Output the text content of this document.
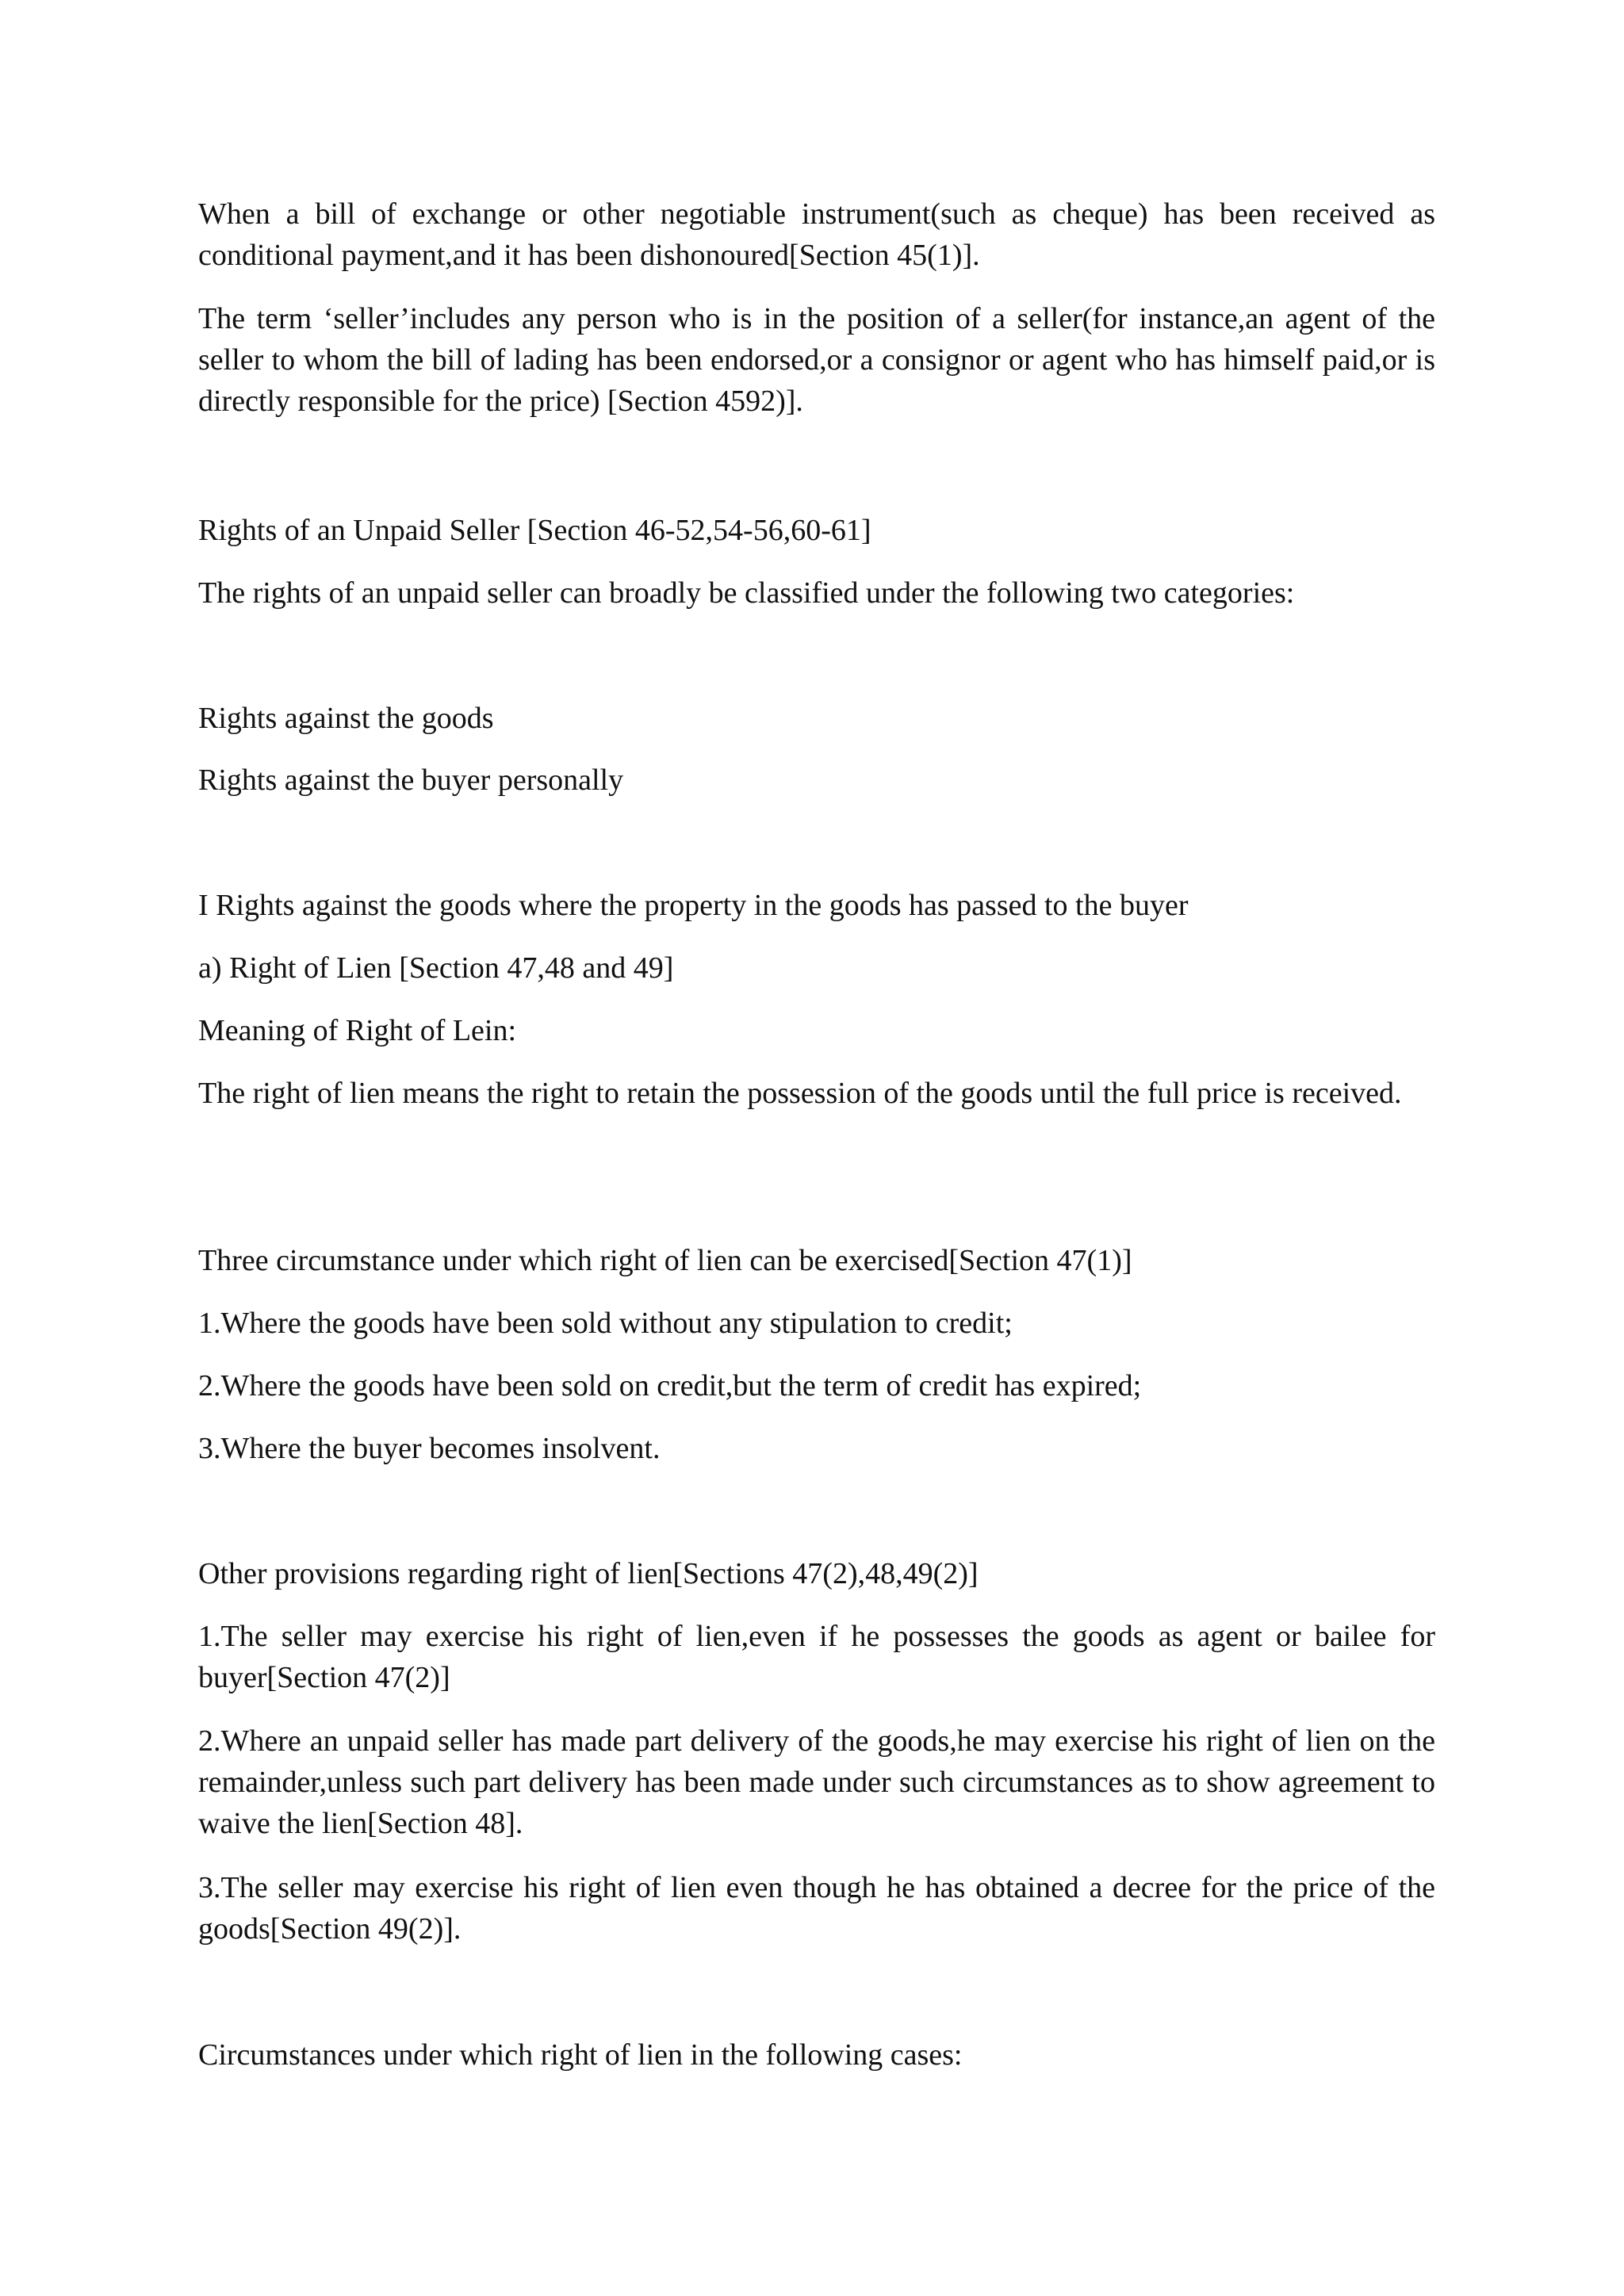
When a bill of exchange or other negotiable instrument(such as cheque) has been received as conditional payment,and it has been dishonoured[Section 45(1)].

The term ‘seller’includes any person who is in the position of a seller(for instance,an agent of the seller to whom the bill of lading has been endorsed,or a consignor or agent who has himself paid,or is directly responsible for the price) [Section 4592)].

Rights of an Unpaid Seller [Section 46-52,54-56,60-61]

The rights of an unpaid seller can broadly be classified under the following two categories:

Rights against the goods

Rights against the buyer personally

I Rights against the goods where the property in the goods has passed to the buyer

a) Right of Lien [Section 47,48 and 49]

Meaning of Right of Lein:

The right of lien means the right to retain the possession of the goods until the full price is received.

Three circumstance under which right of lien can be exercised[Section 47(1)]

1.Where the goods have been sold without any stipulation to credit;

2.Where the goods have been sold on credit,but the term of credit has expired;

3.Where the buyer becomes insolvent.

Other provisions regarding right of lien[Sections 47(2),48,49(2)]

1.The seller may exercise his right of lien,even if he possesses the goods as agent or bailee for buyer[Section 47(2)]

2.Where an unpaid seller has made part delivery of the goods,he may exercise his right of lien on the remainder,unless such part delivery has been made under such circumstances as to show agreement to waive the lien[Section 48].

3.The seller may exercise his right of lien even though he has obtained a decree for the price of the goods[Section 49(2)].

Circumstances under which right of lien in the following cases:
